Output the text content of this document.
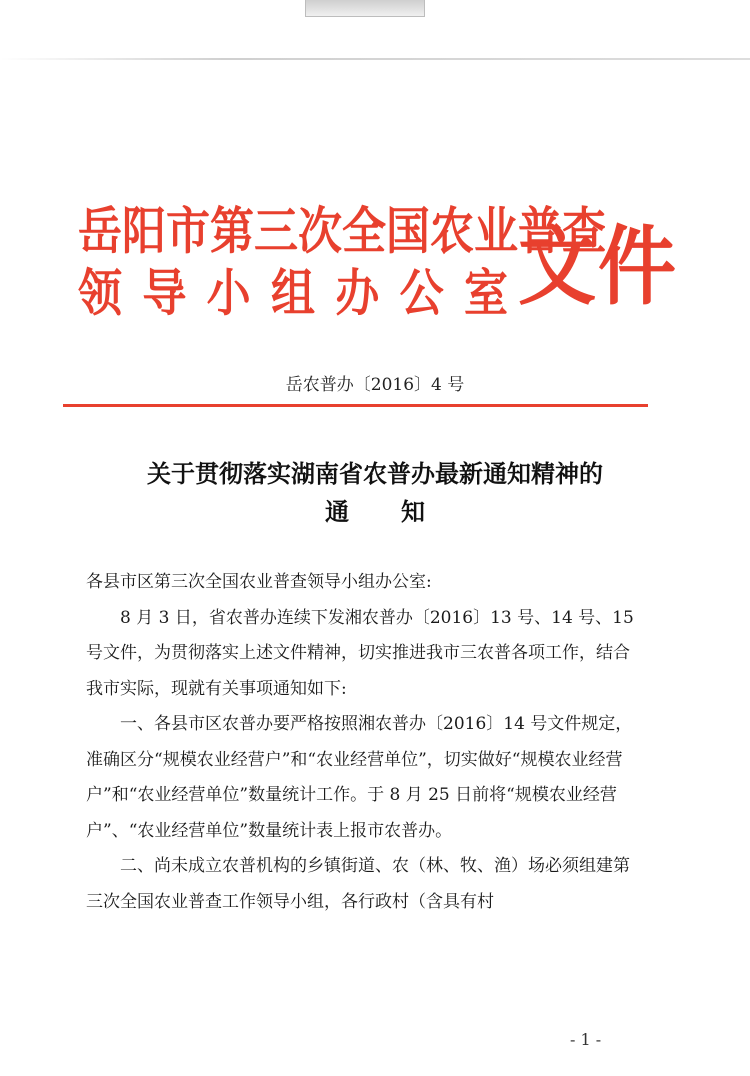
岳阳市第三次全国农业普查
领 导 小 组 办 公 室 文件
岳农普办〔2016〕4 号
关于贯彻落实湖南省农普办最新通知精神的
通知

各县市区第三次全国农业普查领导小组办公室:

8 月 3 日，省农普办连续下发湘农普办〔2016〕13 号、14 号、15 号文件，为贯彻落实上述文件精神，切实推进我市三农普各项工作，结合我市实际，现就有关事项通知如下:

一、各县市区农普办要严格按照湘农普办〔2016〕14 号文件规定，准确区分“规模农业经营户”和“农业经营单位”，切实做好“规模农业经营户”和“农业经营单位”数量统计工作。于 8 月 25 日前将“规模农业经营户”、“农业经营单位”数量统计表上报市农普办。

二、尚未成立农普机构的乡镇街道、农（林、牧、渔）场必须组建第三次全国农业普查工作领导小组，各行政村（含具有村

- 1 -
